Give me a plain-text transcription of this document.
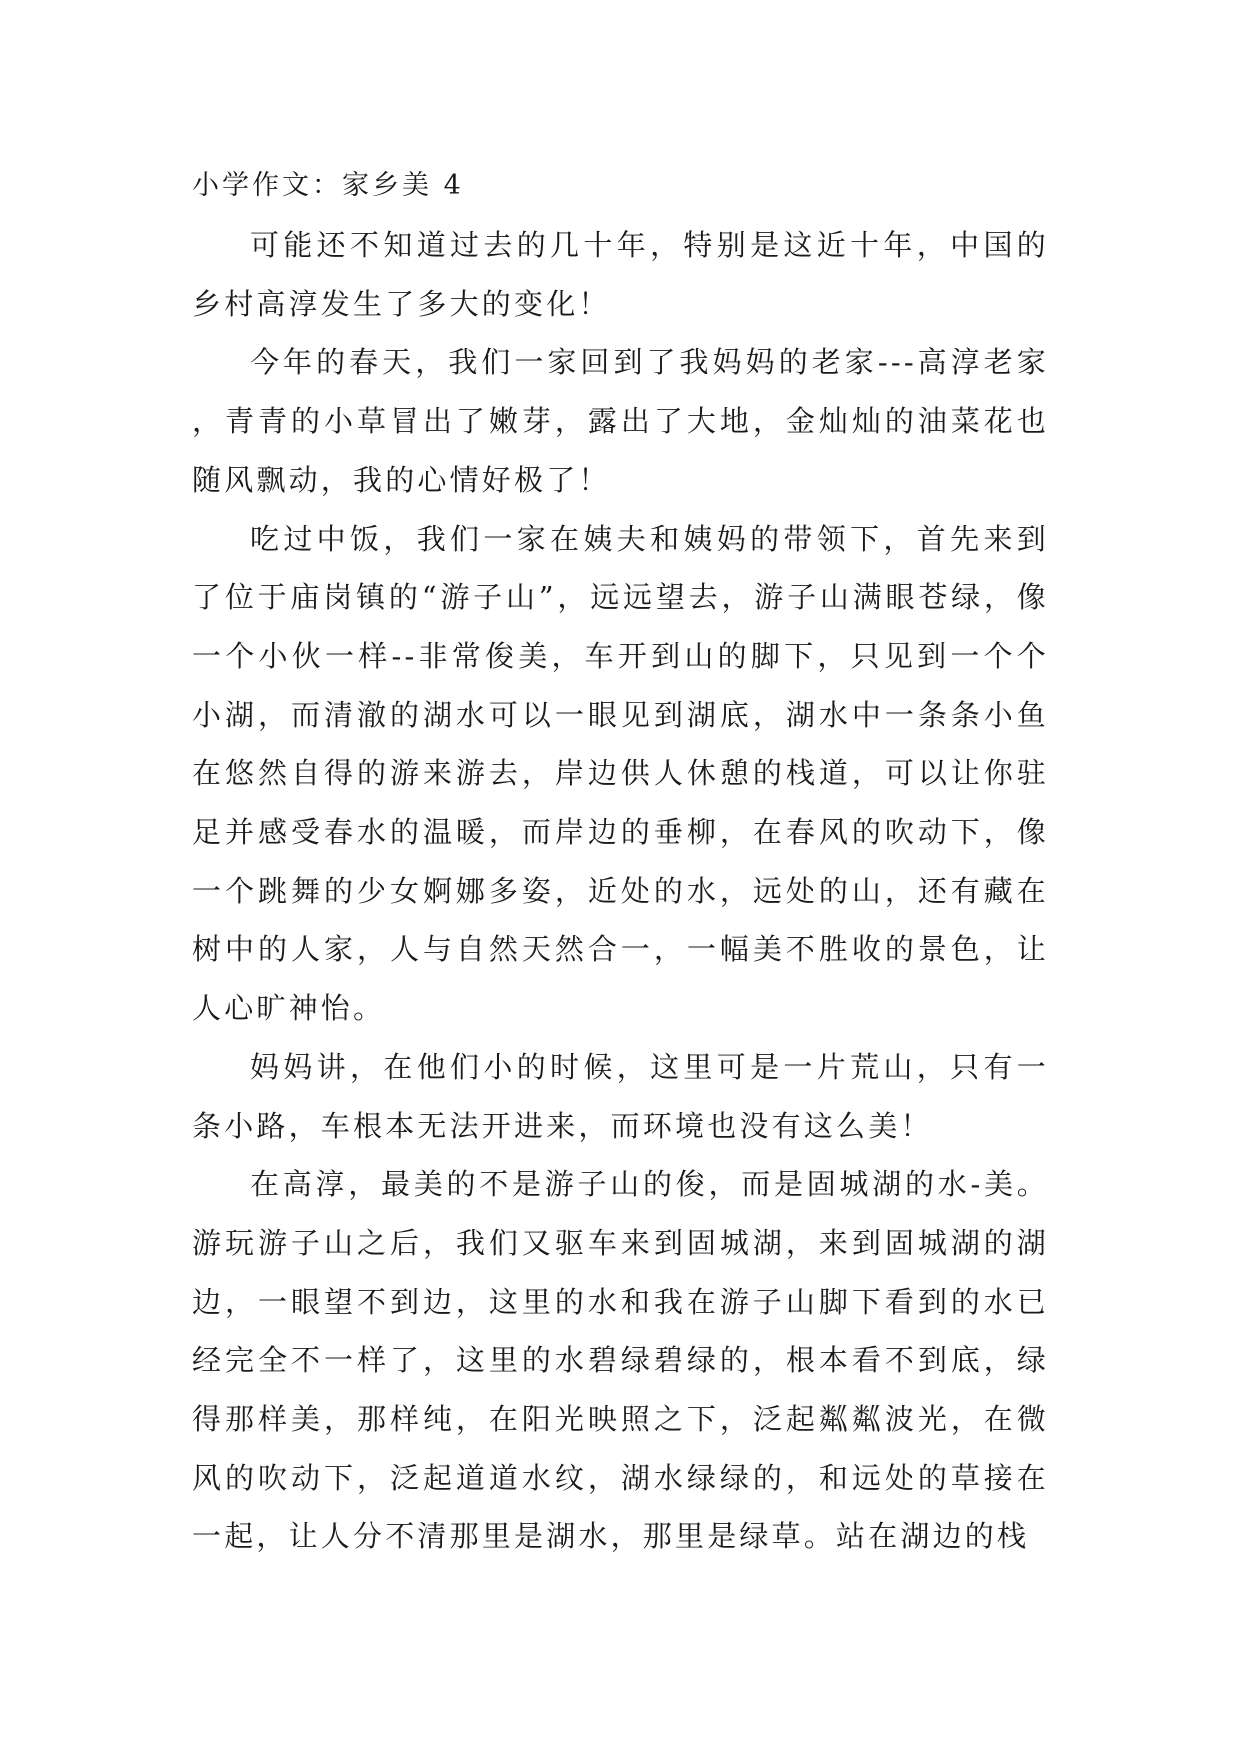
小学作文：家乡美 4

可能还不知道过去的几十年，特别是这近十年，中国的乡村高淳发生了多大的变化！

今年的春天，我们一家回到了我妈妈的老家---高淳老家，青青的小草冒出了嫩芽，露出了大地，金灿灿的油菜花也随风飘动，我的心情好极了！

吃过中饭，我们一家在姨夫和姨妈的带领下，首先来到了位于庙岗镇的“游子山”，远远望去，游子山满眼苍绿，像一个小伙一样--非常俊美，车开到山的脚下，只见到一个个小湖，而清澈的湖水可以一眼见到湖底，湖水中一条条小鱼在悠然自得的游来游去，岸边供人休憩的栈道，可以让你驻足并感受春水的温暖，而岸边的垂柳，在春风的吹动下，像一个跳舞的少女婀娜多姿，近处的水，远处的山，还有藏在树中的人家，人与自然天然合一，一幅美不胜收的景色，让人心旷神怡。

妈妈讲，在他们小的时候，这里可是一片荒山，只有一条小路，车根本无法开进来，而环境也没有这么美！

在高淳，最美的不是游子山的俊，而是固城湖的水-美。游玩游子山之后，我们又驱车来到固城湖，来到固城湖的湖边，一眼望不到边，这里的水和我在游子山脚下看到的水已经完全不一样了，这里的水碧绿碧绿的，根本看不到底，绿得那样美，那样纯，在阳光映照之下，泛起粼粼波光，在微风的吹动下，泛起道道水纹，湖水绿绿的，和远处的草接在一起，让人分不清那里是湖水，那里是绿草。站在湖边的栈
